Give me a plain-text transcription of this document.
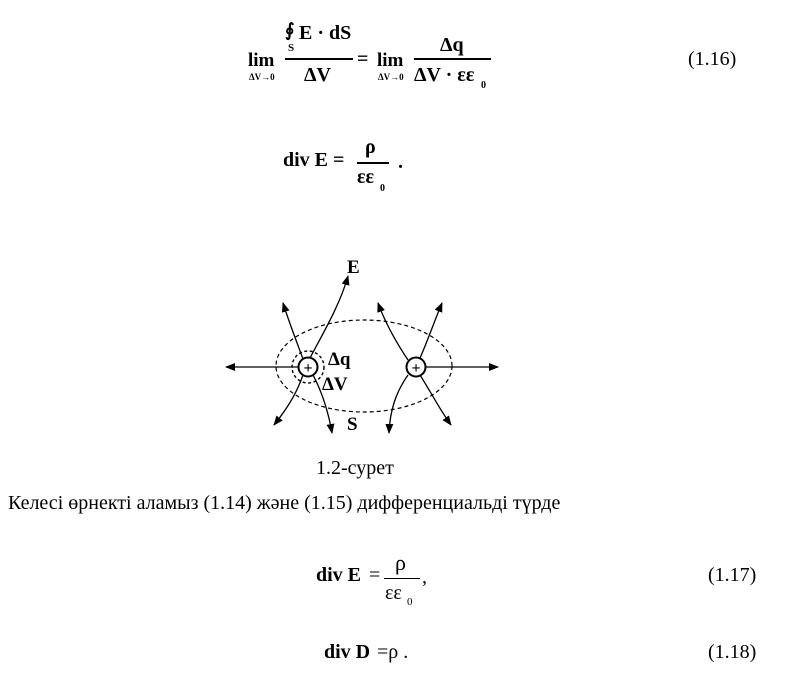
lim
ΔV→0
∮
S
E · dS
ΔV
= lim
ΔV→0
Δq
ΔV · εε 0
(1.16)
div E =
ρ
εε
0
.
+	+
E
Δq
ΔV
S
1.2-сурет

Келесі өрнекті аламыз (1.14) және (1.15) дифференциальді түрде

div E = ρ
εε 0
,	(1.17)
div D =ρ .	(1.18)
